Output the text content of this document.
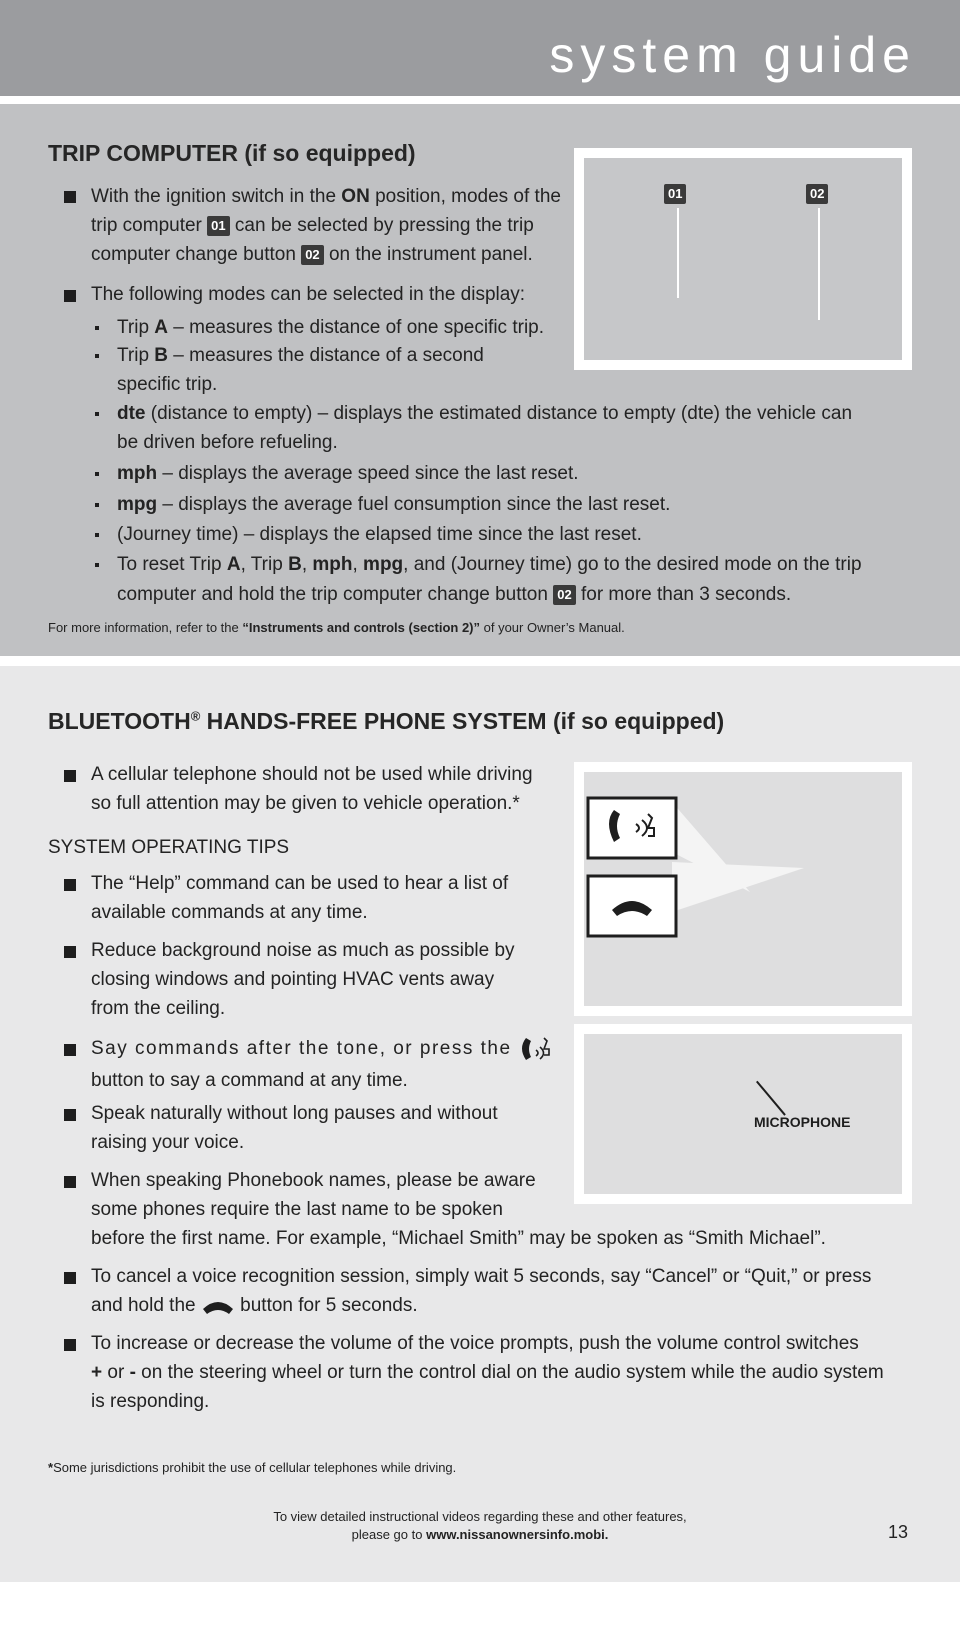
system guide
TRIP COMPUTER (if so equipped)
01	02
With the ignition switch in the ON position, modes of the
trip computer 01 can be selected by pressing the trip
computer change button 02 on the instrument panel.
The following modes can be selected in the display:
Trip A – measures the distance of one specific trip.
Trip B – measures the distance of a second
specific trip.
dte (distance to empty) – displays the estimated distance to empty (dte) the vehicle can
be driven before refueling.
mph – displays the average speed since the last reset.
mpg – displays the average fuel consumption since the last reset.
(Journey time) – displays the elapsed time since the last reset.
To reset Trip A, Trip B, mph, mpg, and (Journey time) go to the desired mode on the trip
computer and hold the trip computer change button 02 for more than 3 seconds.
For more information, refer to the “Instruments and controls (section 2)” of your Owner’s Manual.
BLUETOOTH® HANDS-FREE PHONE SYSTEM (if so equipped)
MICROPHONE
A cellular telephone should not be used while driving
so full attention may be given to vehicle operation.*
SYSTEM OPERATING TIPS
The “Help” command can be used to hear a list of
available commands at any time.
Reduce background noise as much as possible by
closing windows and pointing HVAC vents away
from the ceiling.
Say commands after the tone, or press the
button to say a command at any time.
Speak naturally without long pauses and without
raising your voice.
When speaking Phonebook names, please be aware
some phones require the last name to be spoken
before the first name. For example, “Michael Smith” may be spoken as “Smith Michael”.
To cancel a voice recognition session, simply wait 5 seconds, say “Cancel” or “Quit,” or press
and hold the  button for 5 seconds.
To increase or decrease the volume of the voice prompts, push the volume control switches
+ or - on the steering wheel or turn the control dial on the audio system while the audio system
is responding.
*Some jurisdictions prohibit the use of cellular telephones while driving.
To view detailed instructional videos regarding these and other features,
please go to www.nissanownersinfo.mobi.	13
